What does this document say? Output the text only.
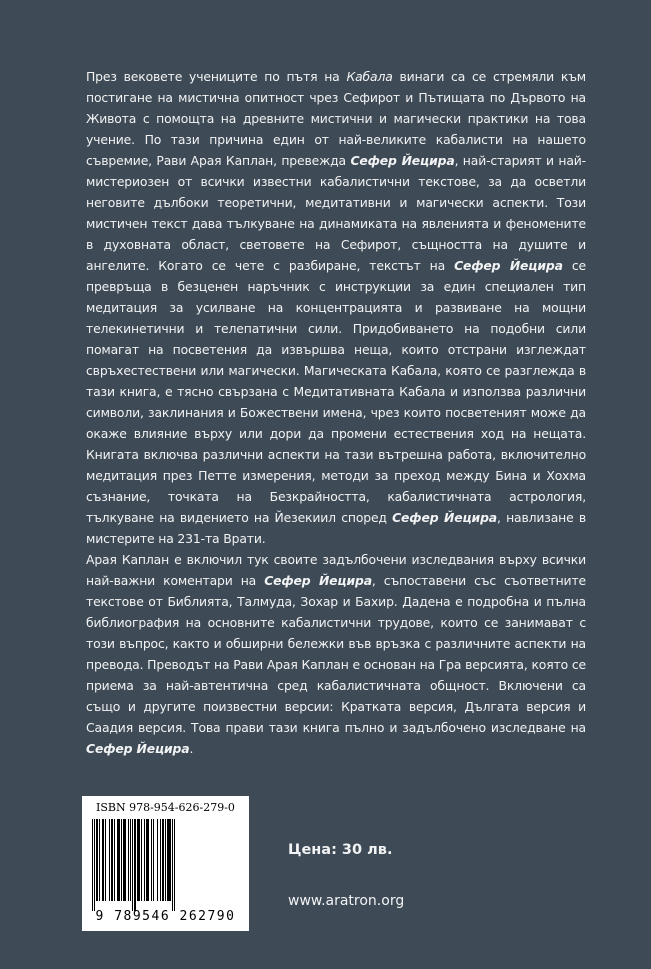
През вековете учениците по пътя на Кабала винаги са се стремяли към постигане на мистична опитност чрез Сефирот и Пътищата по Дървото на Живота с помощта на древните мистични и магически практики на това учение. По тази причина един от най-великите кабалисти на нашето съвремие, Рави Арая Каплан, превежда Сефер Йецира, най-старият и най-мистериозен от всички известни кабалистични текстове, за да осветли неговите дълбоки теоретични, медитативни и магически аспекти. Този мистичен текст дава тълкуване на динамиката на явленията и феномените в духовната област, световете на Сефирот, същността на душите и ангелите. Когато се чете с разбиране, текстът на Сефер Йецира се превръща в безценен наръчник с инструкции за един специален тип медитация за усилване на концентрацията и развиване на мощни телекинетични и телепатични сили. Придобиването на подобни сили помагат на посветения да извършва неща, които отстрани изглеждат свръхестествени или магически. Магическата Кабала, която се разглежда в тази книга, е тясно свързана с Медитативната Кабала и използва различни символи, заклинания и Божествени имена, чрез които посветеният може да окаже влияние върху или дори да промени естествения ход на нещата. Книгата включва различни аспекти на тази вътрешна работа, включително медитация през Петте измерения, методи за преход между Бина и Хохма съзнание, точката на Безкрайността, кабалистичната астрология, тълкуване на видението на Йезекиил според Сефер Йецира, навлизане в мистерите на 231-та Врати.

Арая Каплан е включил тук своите задълбочени изследвания върху всички най-важни коментари на Сефер Йецира, съпоставени със съответните текстове от Библията, Талмуда, Зохар и Бахир. Дадена е подробна и пълна библиография на основните кабалистични трудове, които се занимават с този въпрос, както и обширни бележки във връзка с различните аспекти на превода. Преводът на Рави Арая Каплан е основан на Гра версията, която се приема за най-автентична сред кабалистичната общност. Включени са също и другите поизвестни версии: Кратката версия, Дългата версия и Саадия версия. Това прави тази книга пълно и задълбочено изследване на Сефер Йецира.

ISBN 978-954-626-279-0
9 789546 262790
Цена: 30 лв.
www.aratron.org
